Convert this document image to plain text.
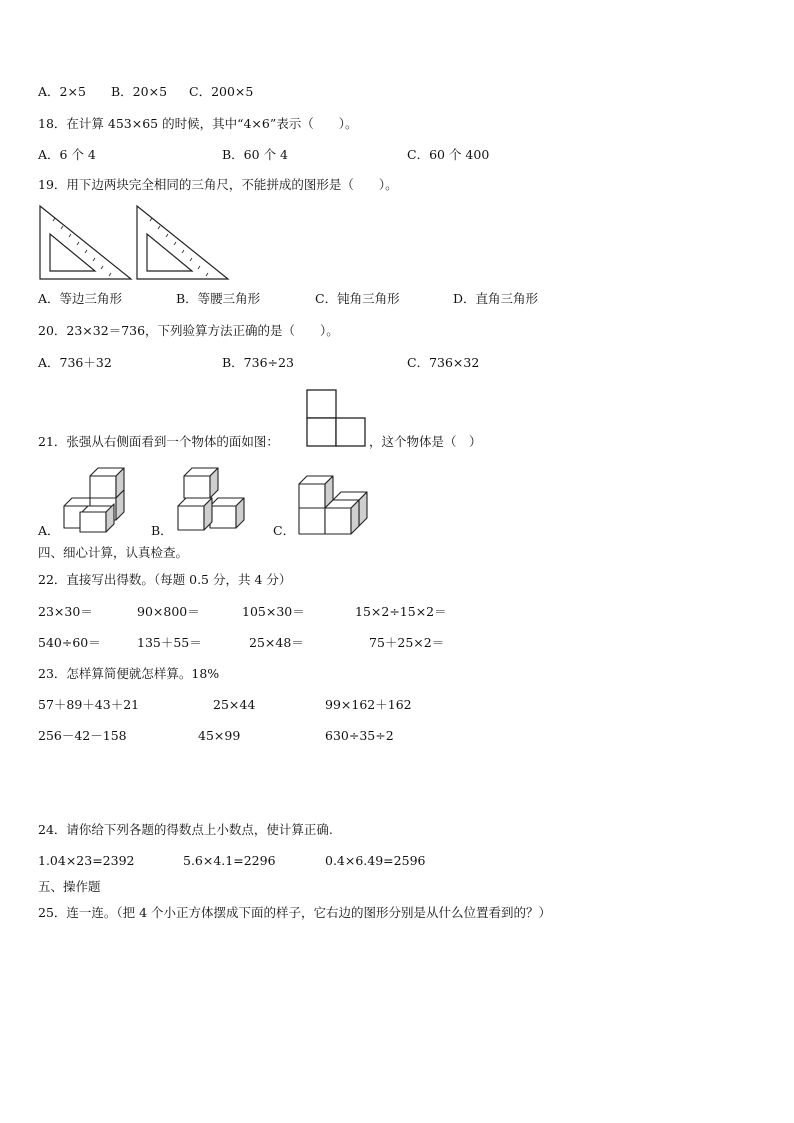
A．2×5 B．20×5 C．200×5
18．在计算 453×65 的时候，其中“4×6”表示（　　）。
A．6 个 4	B．60 个 4	C．60 个 400
19．用下边两块完全相同的三角尺，不能拼成的图形是（　　）。
A．等边三角形	B．等腰三角形	C．钝角三角形	D．直角三角形
20．23×32＝736，下列验算方法正确的是（　　）。
A．736＋32	B．736÷23	C．736×32
21．张强从右侧面看到一个物体的面如图：	，这个物体是（　）
A．	B．	C．
四、细心计算，认真检查。
22．直接写出得数。（每题 0.5 分，共 4 分）
23×30＝	90×800＝	105×30＝	15×2÷15×2＝
540÷60＝	135＋55＝	25×48＝	75＋25×2＝
23．怎样算简便就怎样算。18%
57＋89＋43＋21	25×44	99×162＋162
256－42－158	45×99	630÷35÷2
24．请你给下列各题的得数点上小数点，使计算正确.
1.04×23=2392	5.6×4.1=2296	0.4×6.49=2596
五、操作题
25．连一连。（把 4 个小正方体摆成下面的样子，它右边的图形分别是从什么位置看到的？）
